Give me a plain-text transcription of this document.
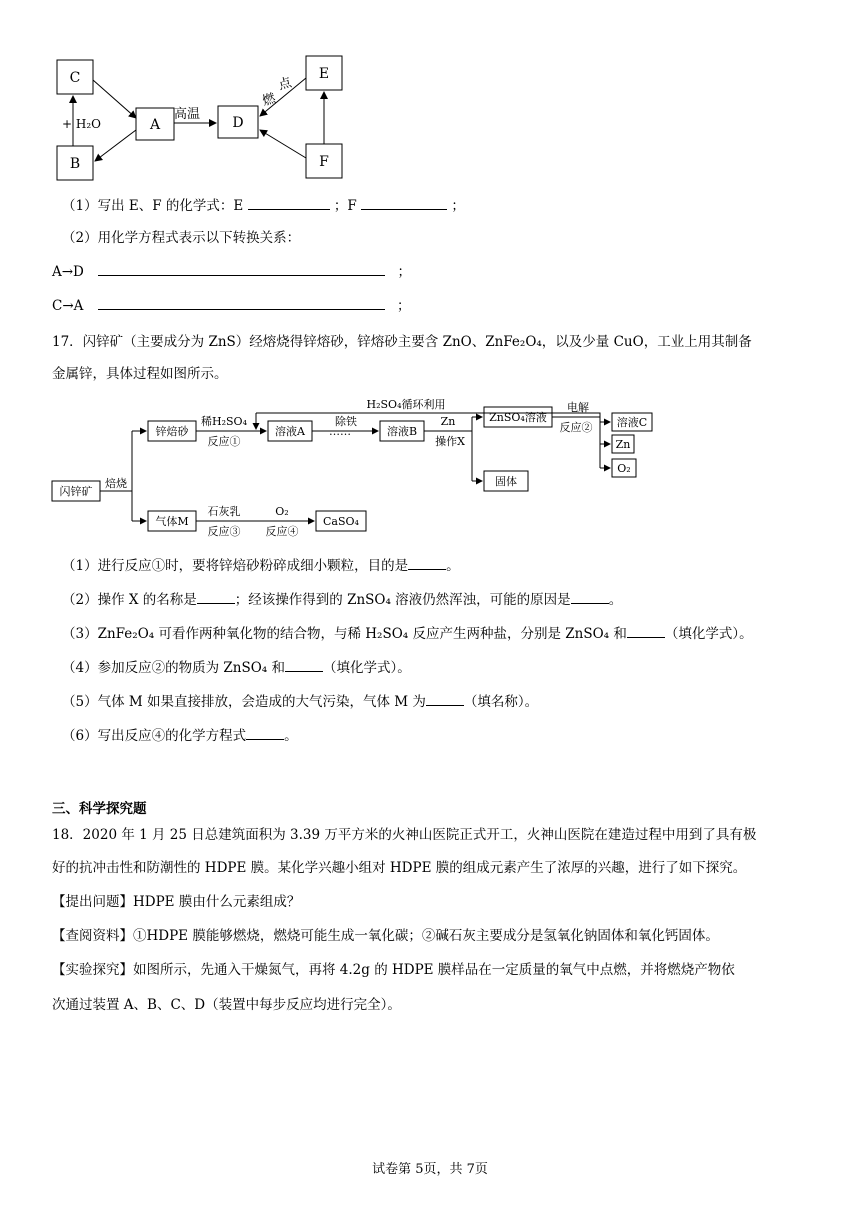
C
B
A	D
E
F
+ H₂O
高温
燃
点
（1）写出 E、F 的化学式：E	；F	；
（2）用化学方程式表示以下转换关系：
A→D	；
C→A	；
17．闪锌矿（主要成分为 ZnS）经熔烧得锌熔砂，锌熔砂主要含 ZnO、ZnFe₂O₄，以及少量 CuO，工业上用其制备
金属锌，具体过程如图所示。
H₂SO₄循环利用
闪锌矿
焙烧
锌焙砂
稀H₂SO₄
反应①
溶液A
除铁
……	溶液B
Zn
操作X
ZnSO₄溶液
固体
电解
反应② 溶液C
Zn
O₂
气体M
石灰乳
反应③
O₂
反应④
CaSO₄
（1）进行反应①时，要将锌焙砂粉碎成细小颗粒，目的是	。
（2）操作 X 的名称是	；经该操作得到的 ZnSO₄ 溶液仍然浑浊，可能的原因是	。
（3）ZnFe₂O₄ 可看作两种氧化物的结合物，与稀 H₂SO₄ 反应产生两种盐，分别是 ZnSO₄ 和	（填化学式）。
（4）参加反应②的物质为 ZnSO₄ 和	（填化学式）。
（5）气体 M 如果直接排放，会造成的大气污染，气体 M 为	（填名称）。
（6）写出反应④的化学方程式	。
三、科学探究题
18．2020 年 1 月 25 日总建筑面积为 3.39 万平方米的火神山医院正式开工，火神山医院在建造过程中用到了具有极
好的抗冲击性和防潮性的 HDPE 膜。某化学兴趣小组对 HDPE 膜的组成元素产生了浓厚的兴趣，进行了如下探究。
【提出问题】HDPE 膜由什么元素组成？
【查阅资料】①HDPE 膜能够燃烧，燃烧可能生成一氧化碳；②碱石灰主要成分是氢氧化钠固体和氧化钙固体。
【实验探究】如图所示，先通入干燥氮气，再将 4.2g 的 HDPE 膜样品在一定质量的氧气中点燃，并将燃烧产物依
次通过装置 A、B、C、D（装置中每步反应均进行完全）。
试卷第 5页，共 7页
